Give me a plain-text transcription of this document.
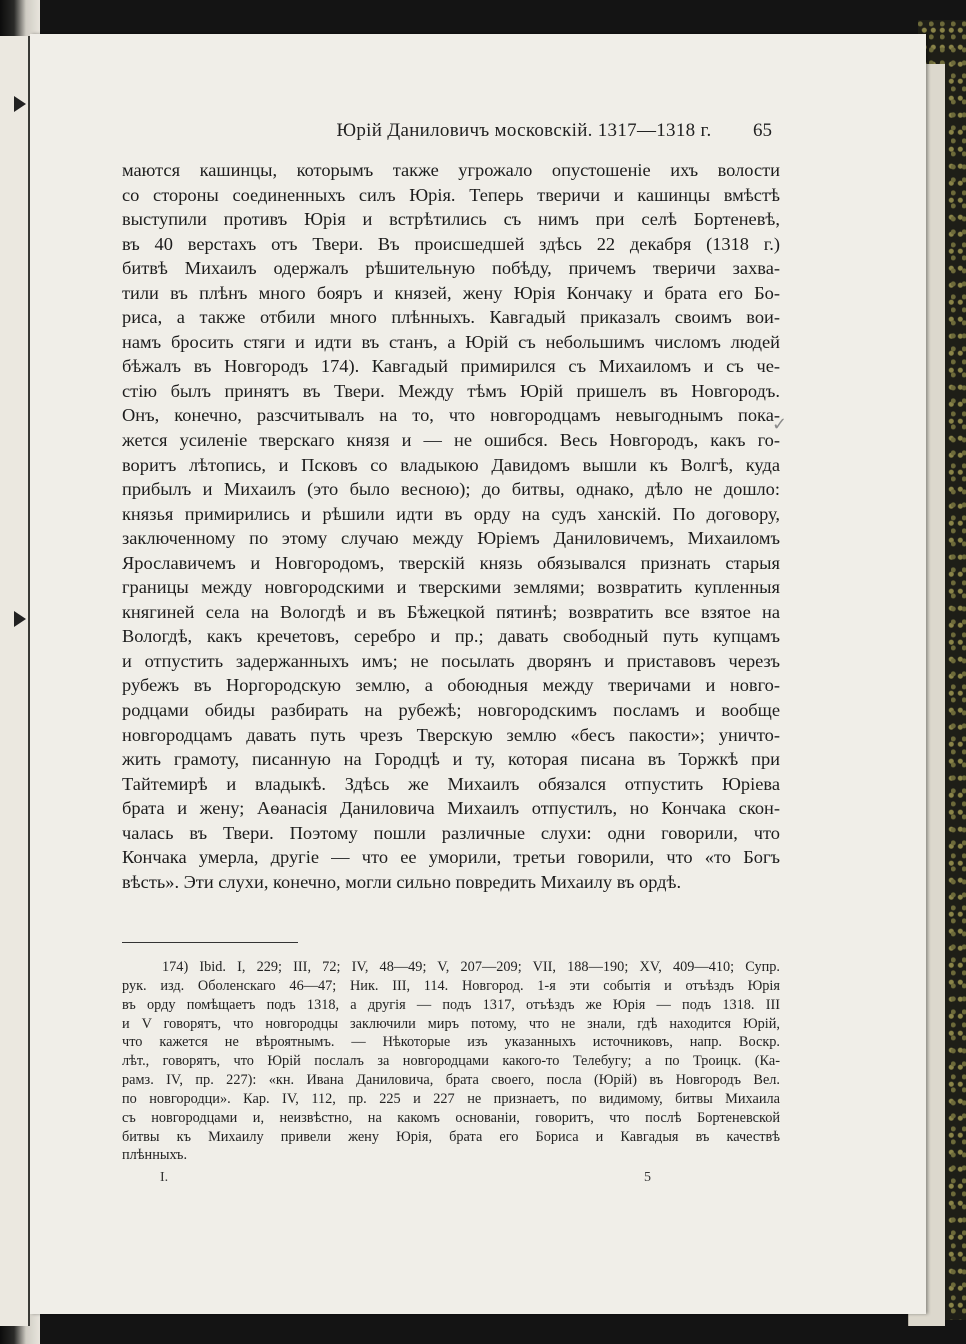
Юрій Даниловичъ московскій. 1317—1318 г.	65
маются кашинцы, которымъ также угрожало опустошеніе ихъ волости
со стороны соединенныхъ силъ Юрія. Теперь тверичи и кашинцы вмѣстѣ
выступили противъ Юрія и встрѣтились съ нимъ при селѣ Бортеневѣ,
въ 40 верстахъ отъ Твери. Въ происшедшей здѣсь 22 декабря (1318 г.)
битвѣ Михаилъ одержалъ рѣшительную побѣду, причемъ тверичи захва-
тили въ плѣнъ много бояръ и князей, жену Юрія Кончаку и брата его Бо-
риса, а также отбили много плѣнныхъ. Кавгадый приказалъ своимъ вои-
намъ бросить стяги и идти въ станъ, а Юрій съ небольшимъ числомъ людей
бѣжалъ въ Новгородъ 174). Кавгадый примирился съ Михаиломъ и съ че-
стію былъ принятъ въ Твери. Между тѣмъ Юрій пришелъ въ Новгородъ.
Онъ, конечно, разсчитывалъ на то, что новгородцамъ невыгоднымъ пока-
жется усиленіе тверскаго князя и — не ошибся. Весь Новгородъ, какъ го-
воритъ лѣтопись, и Псковъ со владыкою Давидомъ вышли къ Волгѣ, куда
прибылъ и Михаилъ (это было весною); до битвы, однако, дѣло не дошло:
князья примирились и рѣшили идти въ орду на судъ ханскій. По договору,
заключенному по этому случаю между Юріемъ Даниловичемъ, Михаиломъ
Ярославичемъ и Новгородомъ, тверскій князь обязывался признать старыя
границы между новгородскими и тверскими землями; возвратить купленныя
княгиней села на Вологдѣ и въ Бѣжецкой пятинѣ; возвратить все взятое на
Вологдѣ, какъ кречетовъ, серебро и пр.; давать свободный путь купцамъ
и отпустить задержанныхъ имъ; не посылать дворянъ и приставовъ черезъ
рубежъ въ Норгородскую землю, а обоюдныя между тверичами и новго-
родцами обиды разбирать на рубежѣ; новгородскимъ посламъ и вообще
новгородцамъ давать путь чрезъ Тверскую землю «бесъ пакости»; уничто-
жить грамоту, писанную на Городцѣ и ту, которая писана въ Торжкѣ при
Тайтемирѣ и владыкѣ. Здѣсь же Михаилъ обязался отпустить Юріева
брата и жену; Аѳанасія Даниловича Михаилъ отпустилъ, но Кончака скон-
чалась въ Твери. Поэтому пошли различные слухи: одни говорили, что
Кончака умерла, другіе — что ее уморили, третьи говорили, что «то Богъ
вѣсть». Эти слухи, конечно, могли сильно повредить Михаилу въ ордѣ.
174) Ibid. I, 229; III, 72; IV, 48—49; V, 207—209; VII, 188—190; XV, 409—410; Супр.
рук. изд. Оболенскаго 46—47; Ник. III, 114. Новгород. 1-я эти событія и отъѣздъ Юрія
въ орду помѣщаетъ подъ 1318, а другія — подъ 1317, отъѣздъ же Юрія — подъ 1318. III
и V говорятъ, что новгородцы заключили миръ потому, что не знали, гдѣ находится Юрій,
что кажется не вѣроятнымъ. — Нѣкоторые изъ указанныхъ источниковъ, напр. Воскр.
лѣт., говорятъ, что Юрій послалъ за новгородцами какого-то Телебугу; а по Троицк. (Ка-
рамз. IV, пр. 227): «кн. Ивана Даниловича, брата своего, посла (Юрій) въ Новгородъ Вел.
по новгородци». Кар. IV, 112, пр. 225 и 227 не признаетъ, по видимому, битвы Михаила
съ новгородцами и, неизвѣстно, на какомъ основаніи, говоритъ, что послѣ Бортеневской
битвы къ Михаилу привели жену Юрія, брата его Бориса и Кавгадыя въ качествѣ
плѣнныхъ.
I.	5
✓
